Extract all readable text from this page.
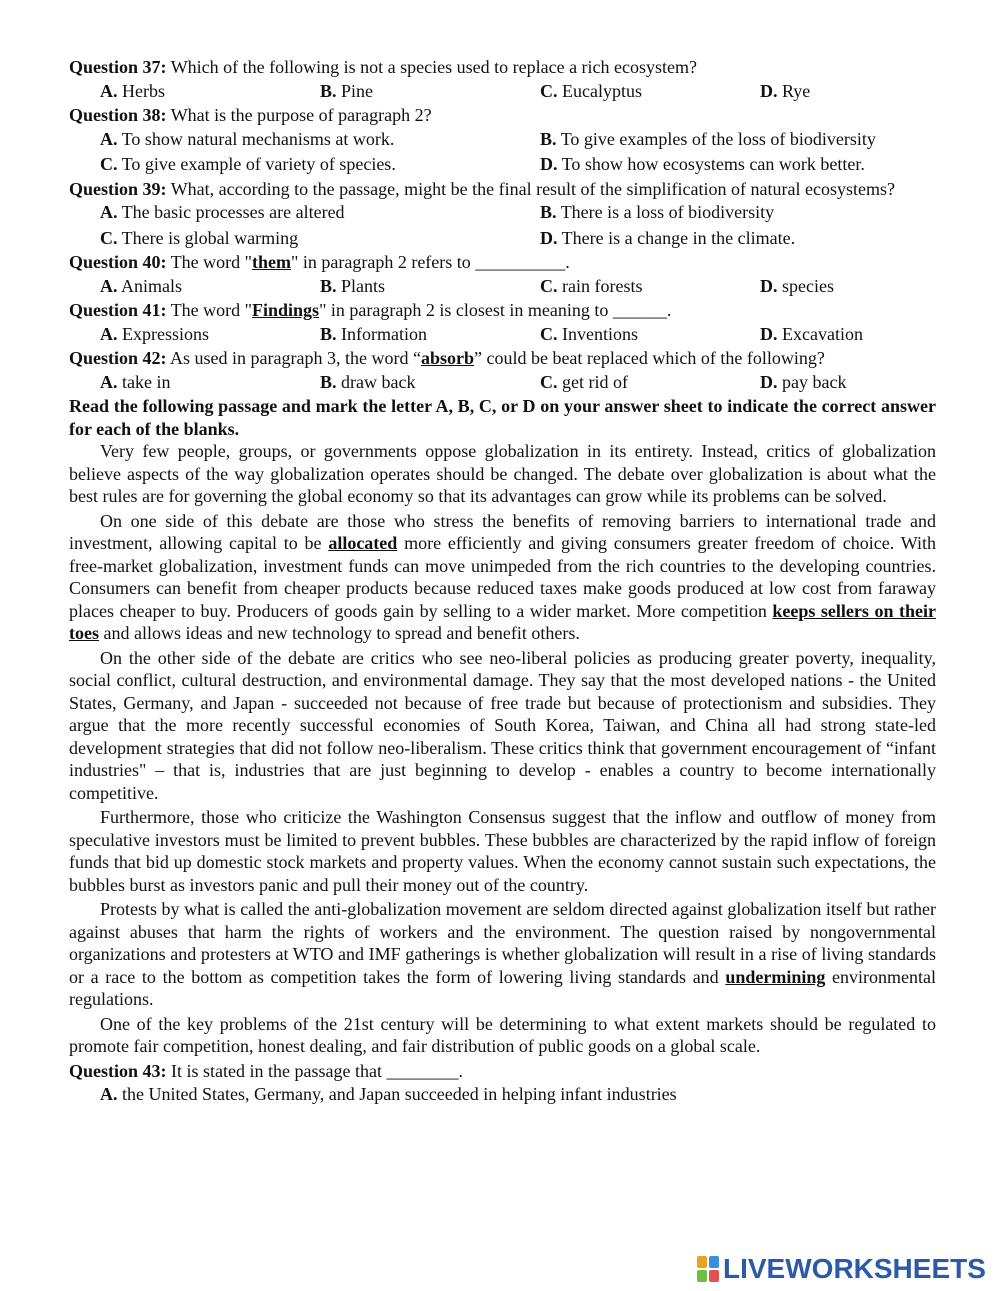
Question 37: Which of the following is not a species used to replace a rich ecosystem?

A. Herbs	B. Pine	C. Eucalyptus	D. Rye

Question 38: What is the purpose of paragraph 2?

A. To show natural mechanisms at work.	B. To give examples of the loss of biodiversity
C. To give example of variety of species.	D. To show how ecosystems can work better.

Question 39: What, according to the passage, might be the final result of the simplification of natural ecosystems?

A. The basic processes are altered	B. There is a loss of biodiversity
C. There is global warming	D. There is a change in the climate.

Question 40: The word "them" in paragraph 2 refers to __________.

A. Animals	B. Plants	C. rain forests	D. species

Question 41: The word "Findings" in paragraph 2 is closest in meaning to ______.

A. Expressions	B. Information	C. Inventions	D. Excavation

Question 42: As used in paragraph 3, the word “absorb” could be beat replaced which of the following?

A. take in	B. draw back	C. get rid of	D. pay back

Read the following passage and mark the letter A, B, C, or D on your answer sheet to indicate the correct answer for each of the blanks.

Very few people, groups, or governments oppose globalization in its entirety. Instead, critics of globalization believe aspects of the way globalization operates should be changed. The debate over globalization is about what the best rules are for governing the global economy so that its advantages can grow while its problems can be solved.

On one side of this debate are those who stress the benefits of removing barriers to international trade and investment, allowing capital to be allocated more efficiently and giving consumers greater freedom of choice. With free-market globalization, investment funds can move unimpeded from the rich countries to the developing countries. Consumers can benefit from cheaper products because reduced taxes make goods produced at low cost from faraway places cheaper to buy. Producers of goods gain by selling to a wider market. More competition keeps sellers on their toes and allows ideas and new technology to spread and benefit others.

On the other side of the debate are critics who see neo-liberal policies as producing greater poverty, inequality, social conflict, cultural destruction, and environmental damage. They say that the most developed nations - the United States, Germany, and Japan - succeeded not because of free trade but because of protectionism and subsidies. They argue that the more recently successful economies of South Korea, Taiwan, and China all had strong state-led development strategies that did not follow neo-liberalism. These critics think that government encouragement of “infant industries" – that is, industries that are just beginning to develop - enables a country to become internationally competitive.

Furthermore, those who criticize the Washington Consensus suggest that the inflow and outflow of money from speculative investors must be limited to prevent bubbles. These bubbles are characterized by the rapid inflow of foreign funds that bid up domestic stock markets and property values. When the economy cannot sustain such expectations, the bubbles burst as investors panic and pull their money out of the country.

Protests by what is called the anti-globalization movement are seldom directed against globalization itself but rather against abuses that harm the rights of workers and the environment. The question raised by nongovernmental organizations and protesters at WTO and IMF gatherings is whether globalization will result in a rise of living standards or a race to the bottom as competition takes the form of lowering living standards and undermining environmental regulations.

One of the key problems of the 21st century will be determining to what extent markets should be regulated to promote fair competition, honest dealing, and fair distribution of public goods on a global scale.

Question 43: It is stated in the passage that ________.

A. the United States, Germany, and Japan succeeded in helping infant industries
LIVEWORKSHEETS
